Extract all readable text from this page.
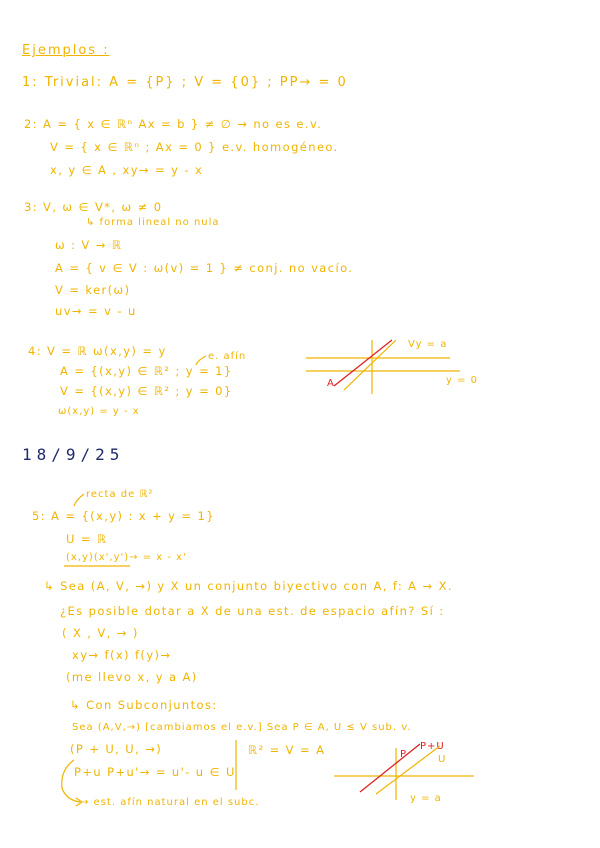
Ejemplos :
1: Trivial: A = {P} ; V = {0} ; PP→ = 0
2: A = { x ∈ ℝⁿ Ax = b } ≠ ∅ → no es e.v.
V = { x ∈ ℝⁿ ; Ax = 0 } e.v. homogéneo.
x, y ∈ A , xy→ = y - x
3: V, ω ∈ V*, ω ≠ 0
↳ forma lineal no nula
ω : V → ℝ
A = { v ∈ V : ω(v) = 1 } ≠ conj. no vacío.
V = ker(ω)
uv→ = v - u
4: V = ℝ ω(x,y) = y	e. afín
A = {(x,y) ∈ ℝ² ; y = 1}
V = {(x,y) ∈ ℝ² ; y = 0}
ω(x,y) = y - x
Vy = a
A	y = 0
18/9/25
recta de ℝ²
5: A = {(x,y) : x + y = 1}
U = ℝ
(x,y)(x',y')→ = x - x'
↳ Sea (A, V, →) y X un conjunto biyectivo con A, f: A → X.
¿Es posible dotar a X de una est. de espacio afín? Sí :
( X , V, → )
xy→ f(x) f(y)→
(me llevo x, y a A)
↳ Con Subconjuntos:
Sea (A,V,→) [cambiamos el e.v.] Sea P ∈ A, U ≤ V sub. v.
(P + U, U, →)
P+u P+u'→ = u'- u ∈ U
→ est. afín natural en el subc.
ℝ² = V = A	P
P+U
U
y = a
